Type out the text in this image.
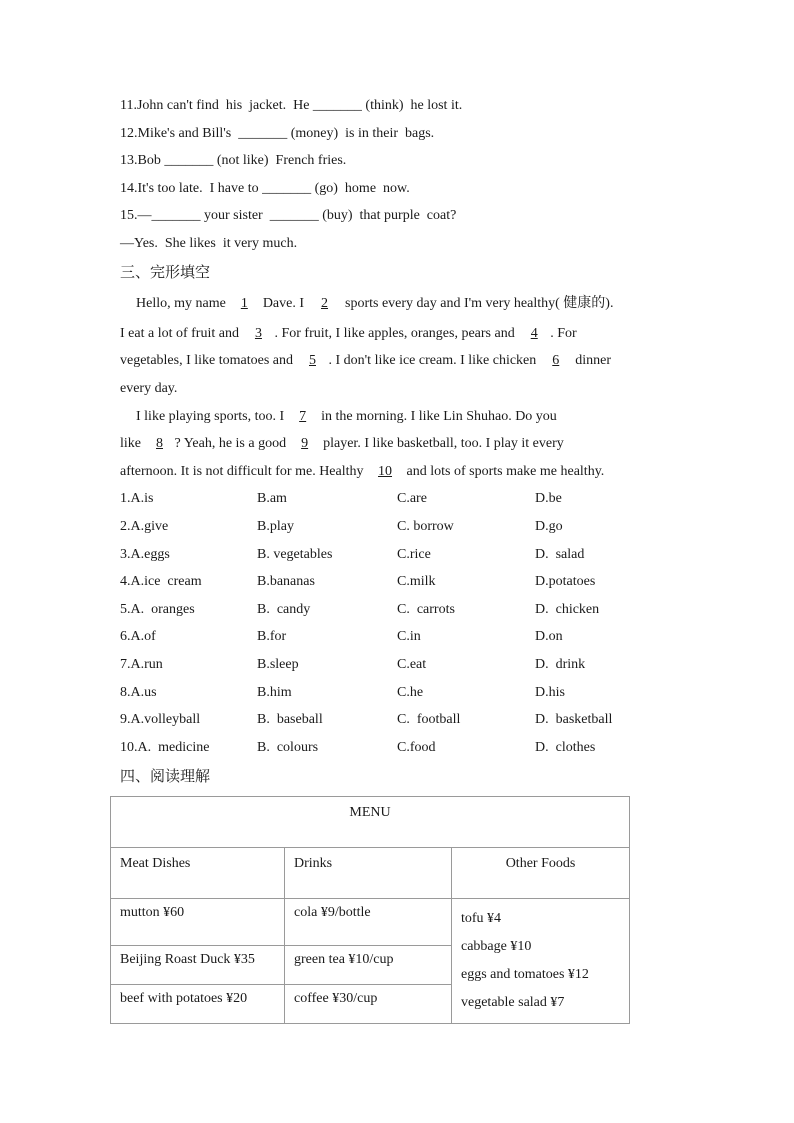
11.John can't find  his  jacket.  He _______ (think)  he lost it.
12.Mike's and Bill's  _______ (money)  is in their  bags.
13.Bob _______ (not like)  French fries.
14.It's too late.  I have to _______ (go)  home  now.
15.—_______ your sister  _______ (buy)  that purple  coat?
—Yes.  She likes  it very much.
三、完形填空
Hello, my name 1 Dave. I 2 sports every day and I'm very healthy( 健康的).
I eat a lot of fruit and 3 . For fruit, I like apples, oranges, pears and 4 . For
vegetables, I like tomatoes and 5 . I don't like ice cream. I like chicken 6 dinner
every day.
I like playing sports, too. I 7 in the morning. I like Lin Shuhao. Do you
like 8 ? Yeah, he is a good 9 player. I like basketball, too. I play it every
afternoon. It is not difficult for me. Healthy 10 and lots of sports make me healthy.
1.A.is	B.am	C.are	D.be
2.A.give	B.play	C. borrow	D.go
3.A.eggs	B. vegetables	C.rice	D.  salad
4.A.ice  cream	B.bananas	C.milk	D.potatoes
5.A.  oranges	B.  candy	C.  carrots	D.  chicken
6.A.of	B.for	C.in	D.on
7.A.run	B.sleep	C.eat	D.  drink
8.A.us	B.him	C.he	D.his
9.A.volleyball	B.  baseball	C.  football	D.  basketball
10.A.  medicine	B.  colours	C.food	D.  clothes
四、阅读理解
MENU		
Meat Dishes	Drinks	Other Foods
mutton ¥60	cola ¥9/bottle	tofu ¥4
cabbage ¥10
eggs and tomatoes ¥12
vegetable salad ¥7

Beijing Roast Duck ¥35	green tea ¥10/cup	
beef with potatoes ¥20	coffee ¥30/cup	
